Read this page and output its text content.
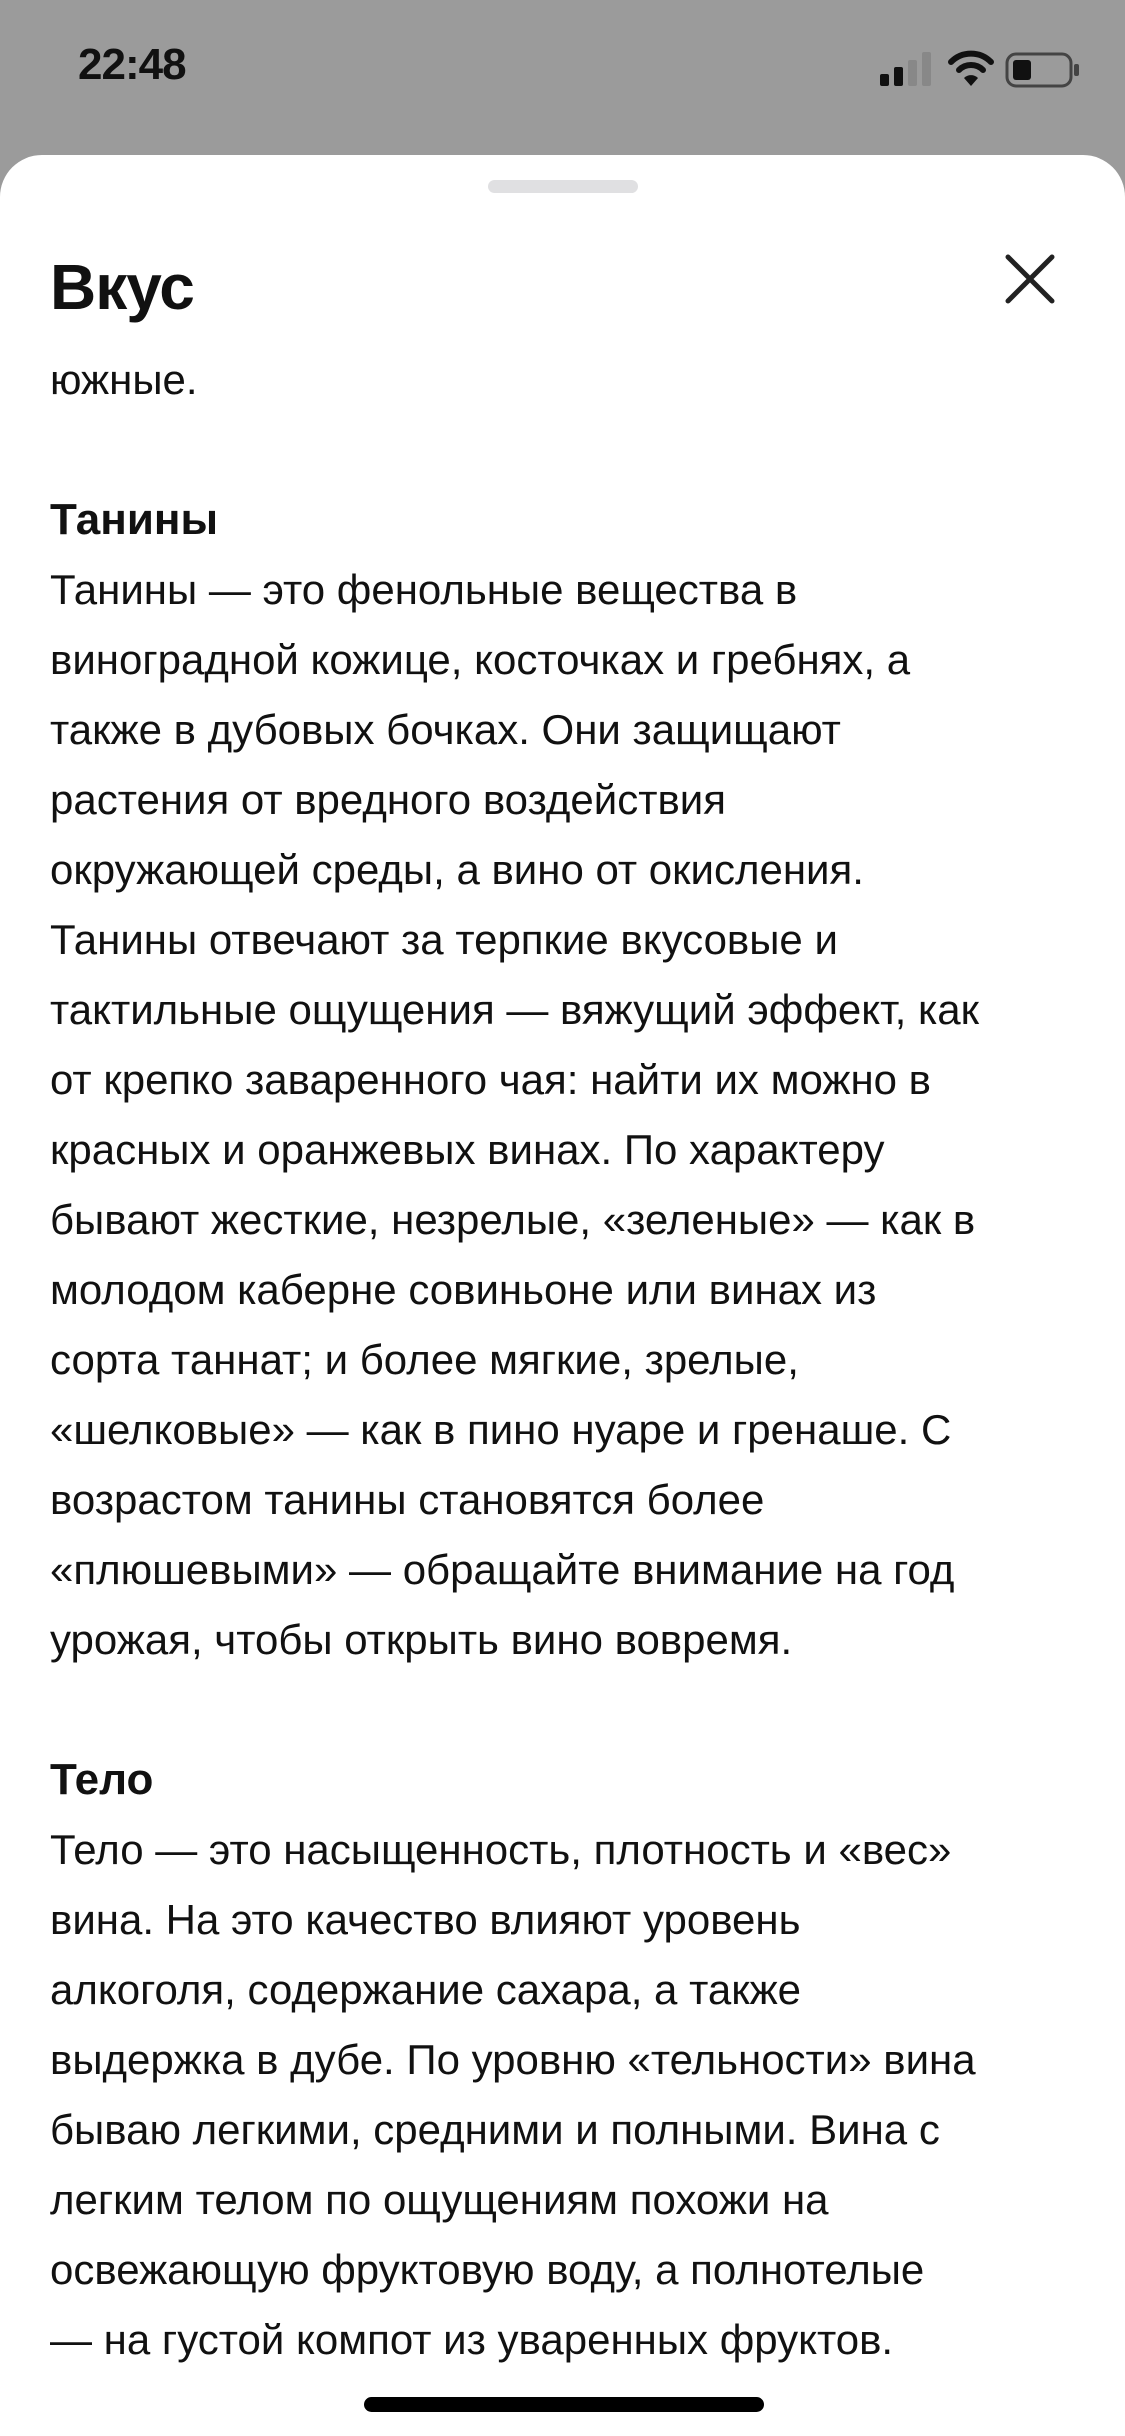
22:48
Вкус
южные.
Танины
Танины — это фенольные вещества в
виноградной кожице, косточках и гребнях, а
также в дубовых бочках. Они защищают
растения от вредного воздействия
окружающей среды, а вино от окисления.
Танины отвечают за терпкие вкусовые и
тактильные ощущения — вяжущий эффект, как
от крепко заваренного чая: найти их можно в
красных и оранжевых винах. По характеру
бывают жесткие, незрелые, «зеленые» — как в
молодом каберне совиньоне или винах из
сорта таннат; и более мягкие, зрелые,
«шелковые» — как в пино нуаре и гренаше. С
возрастом танины становятся более
«плюшевыми» — обращайте внимание на год
урожая, чтобы открыть вино вовремя.
Тело
Тело — это насыщенность, плотность и «вес»
вина. На это качество влияют уровень
алкоголя, содержание сахара, а также
выдержка в дубе. По уровню «тельности» вина
бываю легкими, средними и полными. Вина с
легким телом по ощущениям похожи на
освежающую фруктовую воду, а полнотелые
— на густой компот из уваренных фруктов.
